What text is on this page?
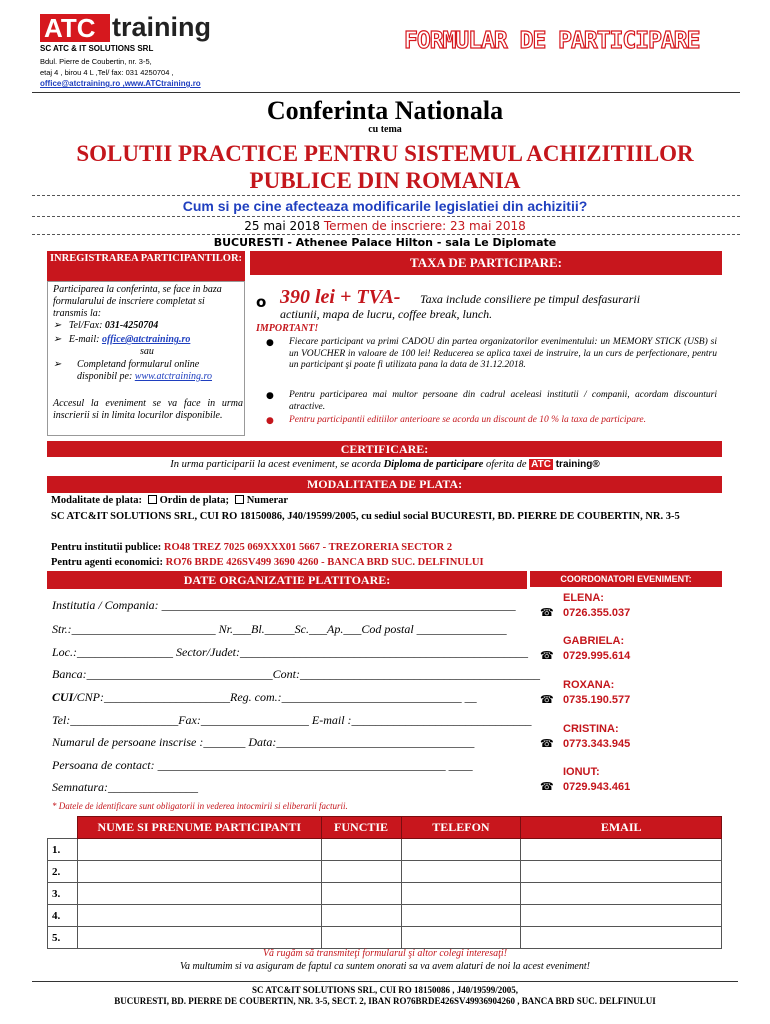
ATC training
SC ATC & IT SOLUTIONS SRL
Bdul. Pierre de Coubertin, nr. 3-5,
etaj 4 , birou 4 L ,Tel/ fax: 031 4250704 ,
office@atctraining.ro ,www.ATCtraining.ro
FORMULAR DE PARTICIPARE
Conferinta Nationala
cu tema
SOLUTII PRACTICE PENTRU SISTEMUL ACHIZITIILOR
PUBLICE DIN ROMANIA
Cum si pe cine afecteaza modificarile legislatiei din achizitii?
25 mai 2018 Termen de inscriere: 23 mai 2018
BUCURESTI - Athenee Palace Hilton - sala Le Diplomate
INREGISTRAREA PARTICIPANTILOR:
Participarea la conferinta, se face in baza formularului de inscriere completat si transmis la:
➢ Tel/Fax: 031-4250704
➢ E-mail: office@atctraining.ro
sau
➢	Completand formularul online disponibil pe: www.atctraining.ro
Accesul la eveniment se va face in urma inscrierii si in limita locurilor disponibile.
TAXA DE PARTICIPARE:
o 390 lei + TVA- Taxa include consiliere pe timpul desfasurarii
actiunii, mapa de lucru, coffee break, lunch.
IMPORTANT!
● Fiecare participant va primi CADOU din partea organizatorilor evenimentului: un MEMORY STICK (USB) si un VOUCHER in valoare de 100 lei! Reducerea se aplica taxei de instruire, la un curs de perfectionare, pentru un participant şi poate fi utilizata pana la data de 31.12.2018.
● Pentru participarea mai multor persoane din cadrul aceleasi institutii / companii, acordam discounturi atractive.
● Pentru participantii editiilor anterioare se acorda un discount de 10 % la taxa de participare.
CERTIFICARE:
In urma participarii la acest eveniment, se acorda Diploma de participare oferita de ATC training®
MODALITATEA DE PLATA:
Modalitate de plata: Ordin de plata; Numerar
SC ATC&IT SOLUTIONS SRL, CUI RO 18150086, J40/19599/2005, cu sediul social BUCURESTI, BD. PIERRE DE COUBERTIN, NR. 3-5
Pentru institutii publice: RO48 TREZ 7025 069XXX01 5667 - TREZORERIA SECTOR 2
Pentru agenti economici: RO76 BRDE 426SV499 3690 4260 - BANCA BRD SUC. DELFINULUI
DATE ORGANIZATIE PLATITOARE:	COORDONATORI EVENIMENT:
Institutia / Compania: ___________________________________________________________
Str.:________________________ Nr.___Bl._____Sc.___Ap.___Cod postal _______________
Loc.:________________ Sector/Judet:________________________________________________
Banca:_______________________________Cont:________________________________________
CUI/CNP:_____________________Reg. com.:______________________________ __
Tel:__________________Fax:__________________ E-mail :______________________________
Numarul de persoane inscrise :_______ Data:_________________________________
Persoana de contact: ________________________________________________ ____
Semnatura:_______________
* Datele de identificare sunt obligatorii in vederea intocmirii si eliberarii facturii.
ELENA:
☎ 0726.355.037
GABRIELA:
☎ 0729.995.614
ROXANA:
☎ 0735.190.577
CRISTINA:
☎ 0773.343.945
IONUT:
☎ 0729.943.461
	NUME SI PRENUME PARTICIPANTI	FUNCTIE	TELEFON	EMAIL
1.				
2.				
3.				
4.				
5.				
Vă rugăm să transmiteţi formularul şi altor colegi interesaţi!
Va multumim si va asiguram de faptul ca suntem onorati sa va avem alaturi de noi la acest eveniment!
SC ATC&IT SOLUTIONS SRL, CUI RO 18150086 , J40/19599/2005,
BUCURESTI, BD. PIERRE DE COUBERTIN, NR. 3-5, SECT. 2, IBAN RO76BRDE426SV49936904260 , BANCA BRD SUC. DELFINULUI
